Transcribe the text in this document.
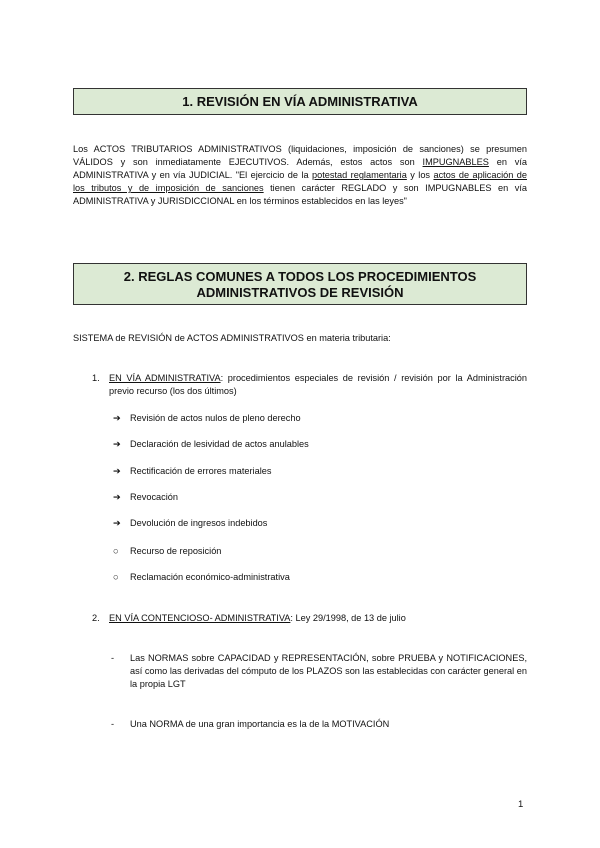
1. REVISIÓN EN VÍA ADMINISTRATIVA
Los ACTOS TRIBUTARIOS ADMINISTRATIVOS (liquidaciones, imposición de sanciones) se presumen VÁLIDOS y son inmediatamente EJECUTIVOS. Además, estos actos son IMPUGNABLES en vía ADMINISTRATIVA y en vía JUDICIAL. "El ejercicio de la potestad reglamentaria y los actos de aplicación de los tributos y de imposición de sanciones tienen carácter REGLADO y son IMPUGNABLES en vía ADMINISTRATIVA y JURISDICCIONAL en los términos establecidos en las leyes"
2. REGLAS COMUNES A TODOS LOS PROCEDIMIENTOS
ADMINISTRATIVOS DE REVISIÓN
SISTEMA de REVISIÓN de ACTOS ADMINISTRATIVOS en materia tributaria:
1. EN VÍA ADMINISTRATIVA: procedimientos especiales de revisión / revisión por la Administración previo recurso (los dos últimos)
➔	Revisión de actos nulos de pleno derecho
➔	Declaración de lesividad de actos anulables
➔	Rectificación de errores materiales
➔	Revocación
➔	Devolución de ingresos indebidos
○	Recurso de reposición
○	Reclamación económico-administrativa
2. EN VÍA CONTENCIOSO- ADMINISTRATIVA: Ley 29/1998, de 13 de julio
- Las NORMAS sobre CAPACIDAD y REPRESENTACIÓN, sobre PRUEBA y NOTIFICACIONES, así como las derivadas del cómputo de los PLAZOS son las establecidas con carácter general en la propia LGT
- Una NORMA de una gran importancia es la de la MOTIVACIÓN
1
